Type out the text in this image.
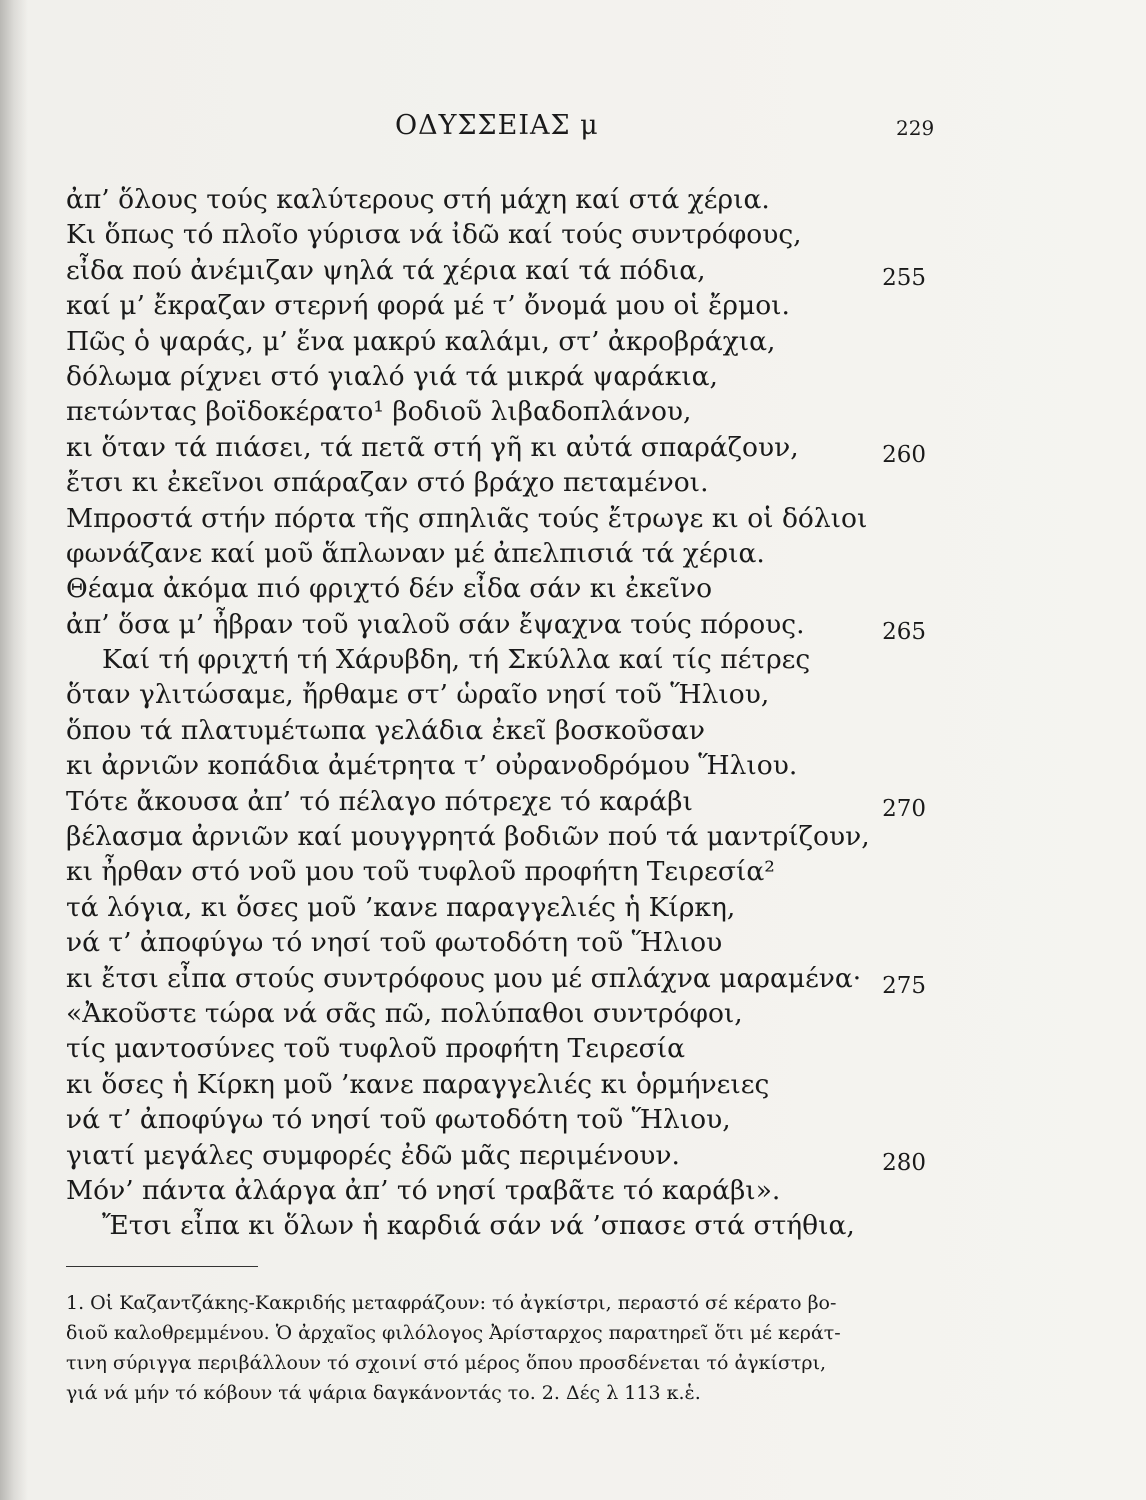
ΟΔΥΣΣΕΙΑΣ μ	229
ἀπ’ ὅλους τούς καλύτερους στή μάχη καί στά χέρια.
Κι ὅπως τό πλοῖο γύρισα νά ἰδῶ καί τούς συντρόφους,
εἶδα πού ἀνέμιζαν ψηλά τά χέρια καί τά πόδια,	255
καί μ’ ἔκραζαν στερνή φορά μέ τ’ ὄνομά μου οἱ ἔρμοι.
Πῶς ὁ ψαράς, μ’ ἕνα μακρύ καλάμι, στ’ ἀκροβράχια,
δόλωμα ρίχνει στό γιαλό γιά τά μικρά ψαράκια,
πετώντας βοϊδοκέρατο¹ βοδιοῦ λιβαδοπλάνου,
κι ὅταν τά πιάσει, τά πετᾶ στή γῆ κι αὐτά σπαράζουν,	260
ἔτσι κι ἐκεῖνοι σπάραζαν στό βράχο πεταμένοι.
Μπροστά στήν πόρτα τῆς σπηλιᾶς τούς ἔτρωγε κι οἱ δόλιοι
φωνάζανε καί μοῦ ἅπλωναν μέ ἀπελπισιά τά χέρια.
Θέαμα ἀκόμα πιό φριχτό δέν εἶδα σάν κι ἐκεῖνο
ἀπ’ ὅσα μ’ ἦβραν τοῦ γιαλοῦ σάν ἔψαχνα τούς πόρους.	265
Καί τή φριχτή τή Χάρυβδη, τή Σκύλλα καί τίς πέτρες
ὅταν γλιτώσαμε, ἤρθαμε στ’ ὡραῖο νησί τοῦ Ἥλιου,
ὅπου τά πλατυμέτωπα γελάδια ἐκεῖ βοσκοῦσαν
κι ἀρνιῶν κοπάδια ἀμέτρητα τ’ οὐρανοδρόμου Ἥλιου.
Τότε ἄκουσα ἀπ’ τό πέλαγο πότρεχε τό καράβι	270
βέλασμα ἀρνιῶν καί μουγγρητά βοδιῶν πού τά μαντρίζουν,
κι ἦρθαν στό νοῦ μου τοῦ τυφλοῦ προφήτη Τειρεσία²
τά λόγια, κι ὅσες μοῦ ’κανε παραγγελιές ἡ Κίρκη,
νά τ’ ἀποφύγω τό νησί τοῦ φωτοδότη τοῦ Ἥλιου
κι ἔτσι εἶπα στούς συντρόφους μου μέ σπλάχνα μαραμένα· 275
«Ἀκοῦστε τώρα νά σᾶς πῶ, πολύπαθοι συντρόφοι,
τίς μαντοσύνες τοῦ τυφλοῦ προφήτη Τειρεσία
κι ὅσες ἡ Κίρκη μοῦ ’κανε παραγγελιές κι ὁρμήνειες
νά τ’ ἀποφύγω τό νησί τοῦ φωτοδότη τοῦ Ἥλιου,
γιατί μεγάλες συμφορές ἐδῶ μᾶς περιμένουν.	280
Μόν’ πάντα ἀλάργα ἀπ’ τό νησί τραβᾶτε τό καράβι».
Ἔτσι εἶπα κι ὅλων ἡ καρδιά σάν νά ’σπασε στά στήθια,
1. Οἱ Καζαντζάκης-Κακριδής μεταφράζουν: τό ἀγκίστρι, περαστό σέ κέρατο βο-
διοῦ καλοθρεμμένου. Ὁ ἀρχαῖος φιλόλογος Ἀρίσταρχος παρατηρεῖ ὅτι μέ κεράτ-
τινη σύριγγα περιβάλλουν τό σχοινί στό μέρος ὅπου προσδένεται τό ἀγκίστρι,
γιά νά μήν τό κόβουν τά ψάρια δαγκάνοντάς το. 2. Δές λ 113 κ.ἑ.
